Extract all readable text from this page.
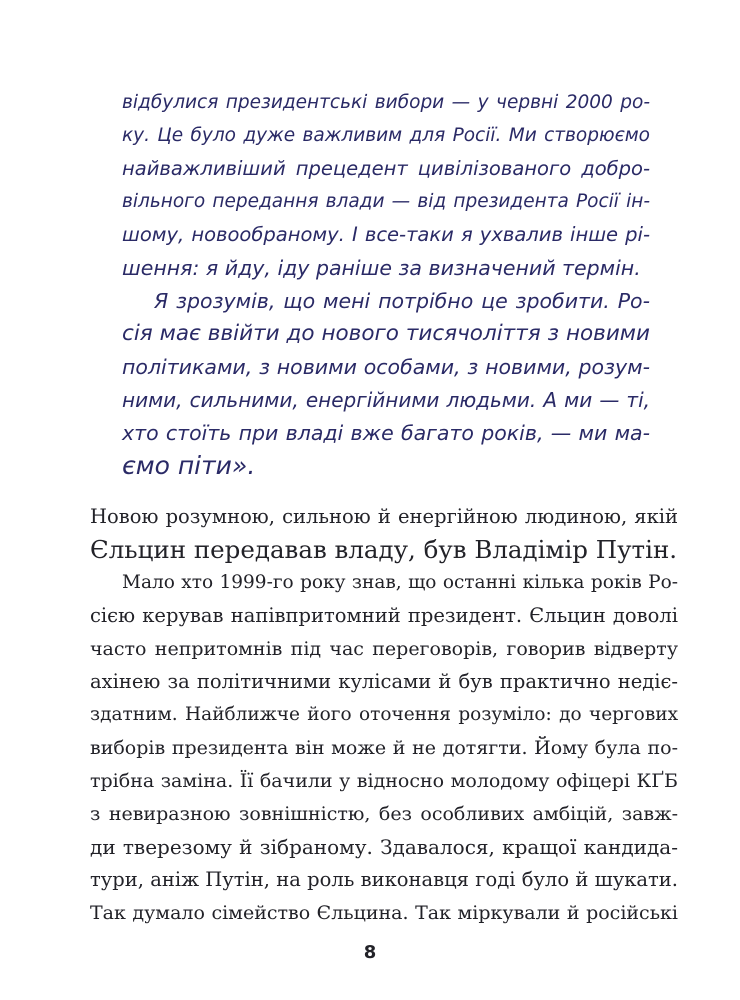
відбулися президентські вибори — у червні 2000 ро-
ку. Це було дуже важливим для Росії. Ми створюємо
найважливіший прецедент цивілізованого добро-
вільного передання влади — від президента Росії ін-
шому, новообраному. І все-таки я ухвалив інше рі-
шення: я йду, іду раніше за визначений термін.
Я зрозумів, що мені потрібно це зробити. Ро-
сія має ввійти до нового тисячоліття з новими
політиками, з новими особами, з новими, розум-
ними, сильними, енергійними людьми. А ми — ті,
хто стоїть при владі вже багато років, — ми ма-
ємо піти».
Новою розумною, сильною й енергійною людиною, якій
Єльцин передавав владу, був Владімір Путін.
Мало хто 1999-го року знав, що останні кілька років Ро-
сією керував напівпритомний президент. Єльцин доволі
часто непритомнів під час переговорів, говорив відверту
ахінею за політичними кулісами й був практично недіє-
здатним. Найближче його оточення розуміло: до чергових
виборів президента він може й не дотягти. Йому була по-
трібна заміна. Її бачили у відносно молодому офіцері КҐБ
з невиразною зовнішністю, без особливих амбіцій, завж-
ди тверезому й зібраному. Здавалося, кращої кандида-
тури, аніж Путін, на роль виконавця годі було й шукати.
Так думало сімейство Єльцина. Так міркували й російські
8
